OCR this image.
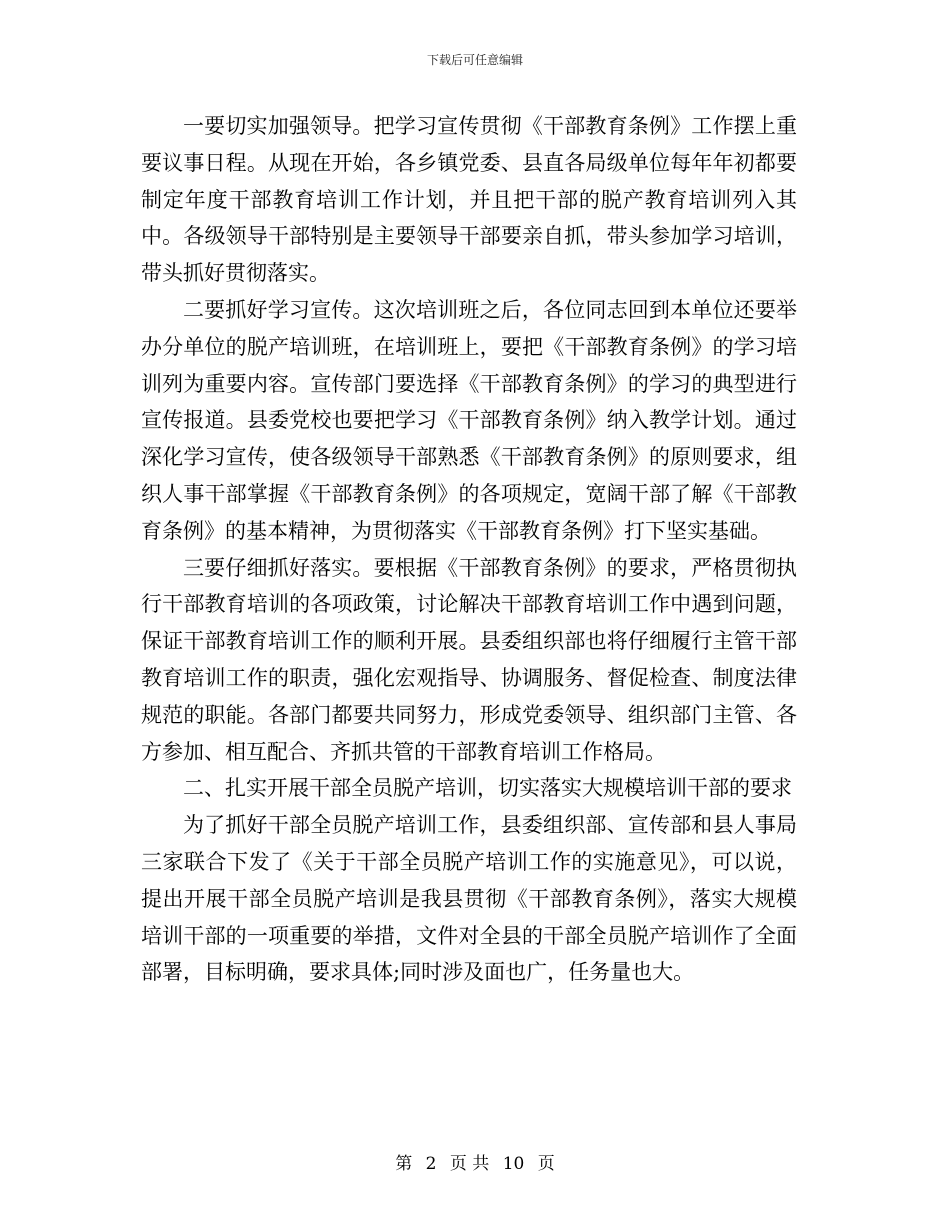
下载后可任意编辑

一要切实加强领导。把学习宣传贯彻《干部教育条例》工作摆上重要议事日程。从现在开始，各乡镇党委、县直各局级单位每年年初都要制定年度干部教育培训工作计划，并且把干部的脱产教育培训列入其中。各级领导干部特别是主要领导干部要亲自抓，带头参加学习培训，带头抓好贯彻落实。

二要抓好学习宣传。这次培训班之后，各位同志回到本单位还要举办分单位的脱产培训班，在培训班上，要把《干部教育条例》的学习培训列为重要内容。宣传部门要选择《干部教育条例》的学习的典型进行宣传报道。县委党校也要把学习《干部教育条例》纳入教学计划。通过深化学习宣传，使各级领导干部熟悉《干部教育条例》的原则要求，组织人事干部掌握《干部教育条例》的各项规定，宽阔干部了解《干部教育条例》的基本精神，为贯彻落实《干部教育条例》打下坚实基础。

三要仔细抓好落实。要根据《干部教育条例》的要求，严格贯彻执行干部教育培训的各项政策，讨论解决干部教育培训工作中遇到问题，保证干部教育培训工作的顺利开展。县委组织部也将仔细履行主管干部教育培训工作的职责，强化宏观指导、协调服务、督促检查、制度法律规范的职能。各部门都要共同努力，形成党委领导、组织部门主管、各方参加、相互配合、齐抓共管的干部教育培训工作格局。

二、扎实开展干部全员脱产培训，切实落实大规模培训干部的要求

为了抓好干部全员脱产培训工作，县委组织部、宣传部和县人事局三家联合下发了《关于干部全员脱产培训工作的实施意见》，可以说，提出开展干部全员脱产培训是我县贯彻《干部教育条例》，落实大规模培训干部的一项重要的举措，文件对全县的干部全员脱产培训作了全面部署，目标明确，要求具体;同时涉及面也广，任务量也大。

第 2 页 共 10 页
